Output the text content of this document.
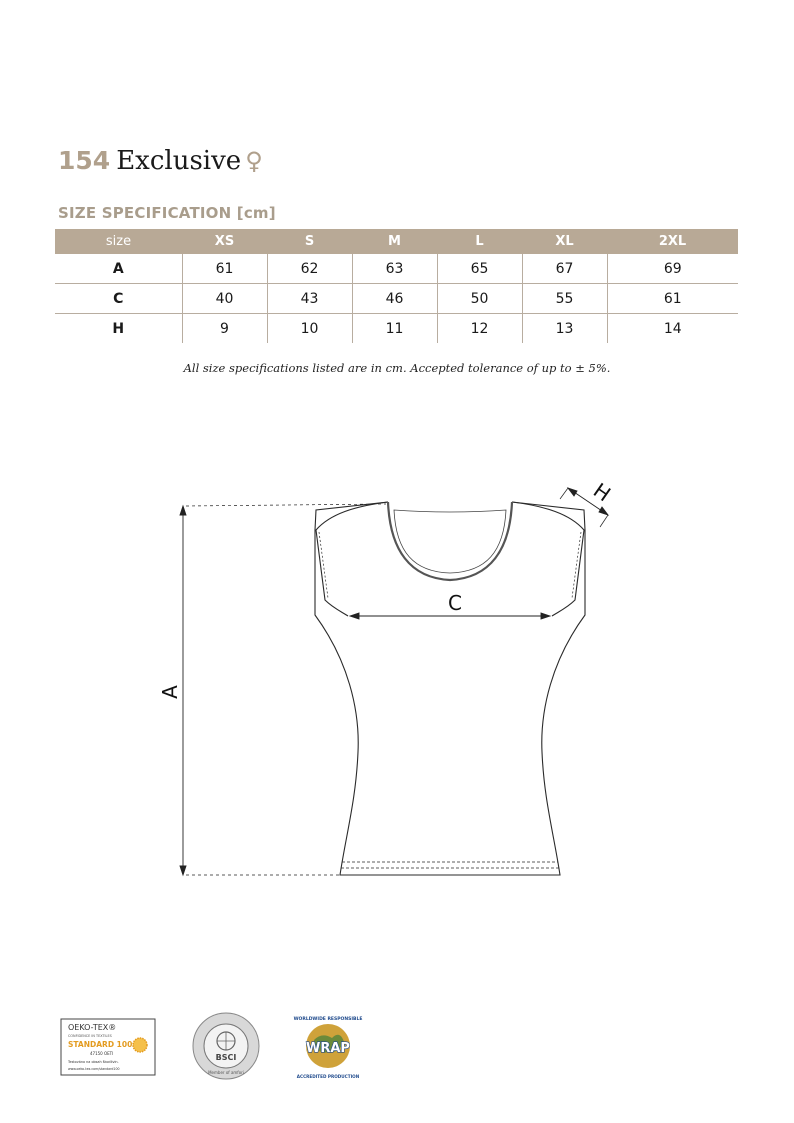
154 Exclusive ♀
SIZE SPECIFICATION [cm]
size	XS	S	M	L	XL	2XL
A	61	62	63	65	67	69
C	40	43	46	50	55	61
H	9	10	11	12	13	14
All size specifications listed are in cm. Accepted tolerance of up to ± 5%.
A
C
H
OEKO-TEX®
CONFIDENCE IN TEXTILES
STANDARD 100
47150 OETI
Testováno na obsah škodlivin.
www.oeko-tex.com/standard100
BSCI
Member of amfori
WORLDWIDE RESPONSIBLE
WRAP
ACCREDITED PRODUCTION
